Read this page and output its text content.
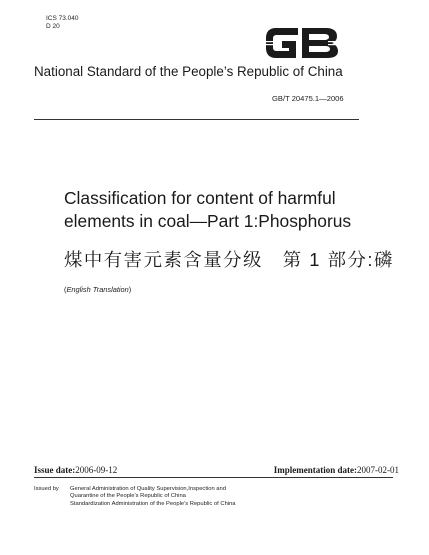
ICS 73.040
D 20
National Standard of the People’s Republic of China
GB/T 20475.1—2006
Classification for content of harmful
elements in coal—Part 1:Phosphorus
煤中有害元素含量分级　第 1 部分:磷
(English Translation)
Issue date:2006-09-12	Implementation date:2007-02-01
Issued by General Administration of Quality Supervision,Inspection and
Quarantine of the People’s Republic of China
Standardization Administration of the People’s Republic of China
